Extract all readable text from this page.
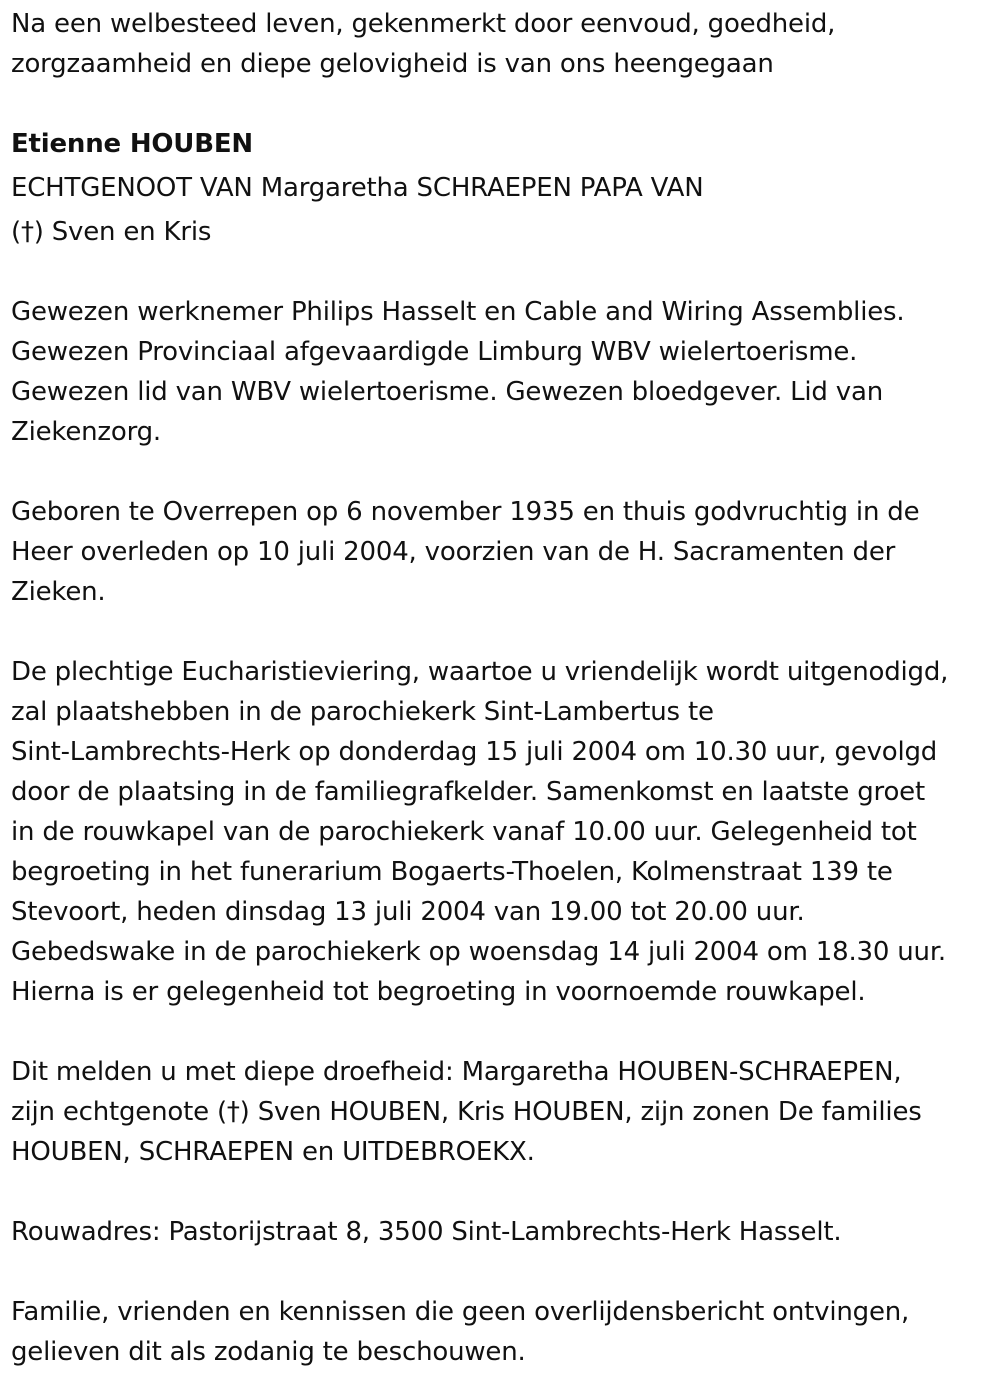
Na een welbesteed leven, gekenmerkt door eenvoud, goedheid,
zorgzaamheid en diepe gelovigheid is van ons heengegaan

Etienne HOUBEN

ECHTGENOOT VAN Margaretha SCHRAEPEN PAPA VAN

(†) Sven en Kris

Gewezen werknemer Philips Hasselt en Cable and Wiring Assemblies.
Gewezen Provinciaal afgevaardigde Limburg WBV wielertoerisme.
Gewezen lid van WBV wielertoerisme. Gewezen bloedgever. Lid van
Ziekenzorg.

Geboren te Overrepen op 6 november 1935 en thuis godvruchtig in de
Heer overleden op 10 juli 2004, voorzien van de H. Sacramenten der
Zieken.

De plechtige Eucharistieviering, waartoe u vriendelijk wordt uitgenodigd,
zal plaatshebben in de parochiekerk Sint-Lambertus te
Sint-Lambrechts-Herk op donderdag 15 juli 2004 om 10.30 uur, gevolgd
door de plaatsing in de familiegrafkelder. Samenkomst en laatste groet
in de rouwkapel van de parochiekerk vanaf 10.00 uur. Gelegenheid tot
begroeting in het funerarium Bogaerts-Thoelen, Kolmenstraat 139 te
Stevoort, heden dinsdag 13 juli 2004 van 19.00 tot 20.00 uur.
Gebedswake in de parochiekerk op woensdag 14 juli 2004 om 18.30 uur.
Hierna is er gelegenheid tot begroeting in voornoemde rouwkapel.

Dit melden u met diepe droefheid: Margaretha HOUBEN-SCHRAEPEN,
zijn echtgenote (†) Sven HOUBEN, Kris HOUBEN, zijn zonen De families
HOUBEN, SCHRAEPEN en UITDEBROEKX.

Rouwadres: Pastorijstraat 8, 3500 Sint-Lambrechts-Herk Hasselt.

Familie, vrienden en kennissen die geen overlijdensbericht ontvingen,
gelieven dit als zodanig te beschouwen.
